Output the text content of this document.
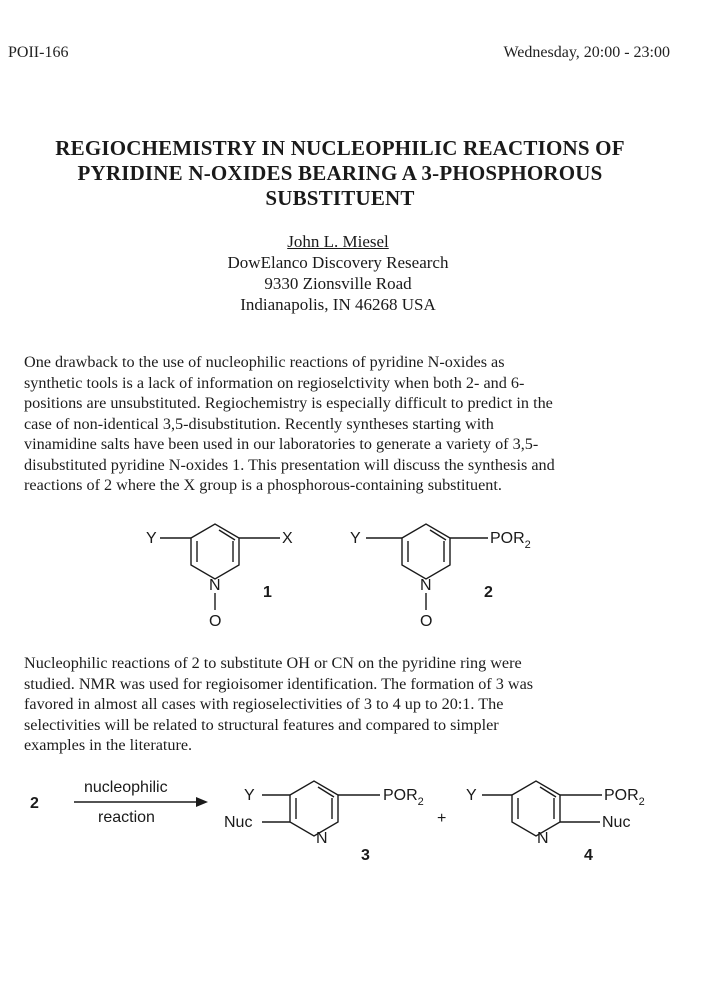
POII-166	Wednesday, 20:00 - 23:00
REGIOCHEMISTRY IN NUCLEOPHILIC REACTIONS OF
PYRIDINE N-OXIDES BEARING A 3-PHOSPHOROUS
SUBSTITUENT
John L. Miesel
DowElanco Discovery Research
9330 Zionsville Road
Indianapolis, IN 46268 USA
One drawback to the use of nucleophilic reactions of pyridine N-oxides as
synthetic tools is a lack of information on regioselctivity when both 2- and 6-
positions are unsubstituted. Regiochemistry is especially difficult to predict in the
case of non-identical 3,5-disubstitution. Recently syntheses starting with
vinamidine salts have been used in our laboratories to generate a variety of 3,5-
disubstituted pyridine N-oxides 1. This presentation will discuss the synthesis and
reactions of 2 where the X group is a phosphorous-containing substituent.
Y	X
N
O
1
Y	$POR_2$
N
O
2
Nucleophilic reactions of 2 to substitute OH or CN on the pyridine ring were
studied. NMR was used for regioisomer identification. The formation of 3 was
favored in almost all cases with regioselectivities of 3 to 4 up to 20:1. The
selectivities will be related to structural features and compared to simpler
examples in the literature.
2
nucleophilic
reaction
Y
Nuc
$POR_2$
N
3
+
Y	$POR_2$
Nuc
N
4
